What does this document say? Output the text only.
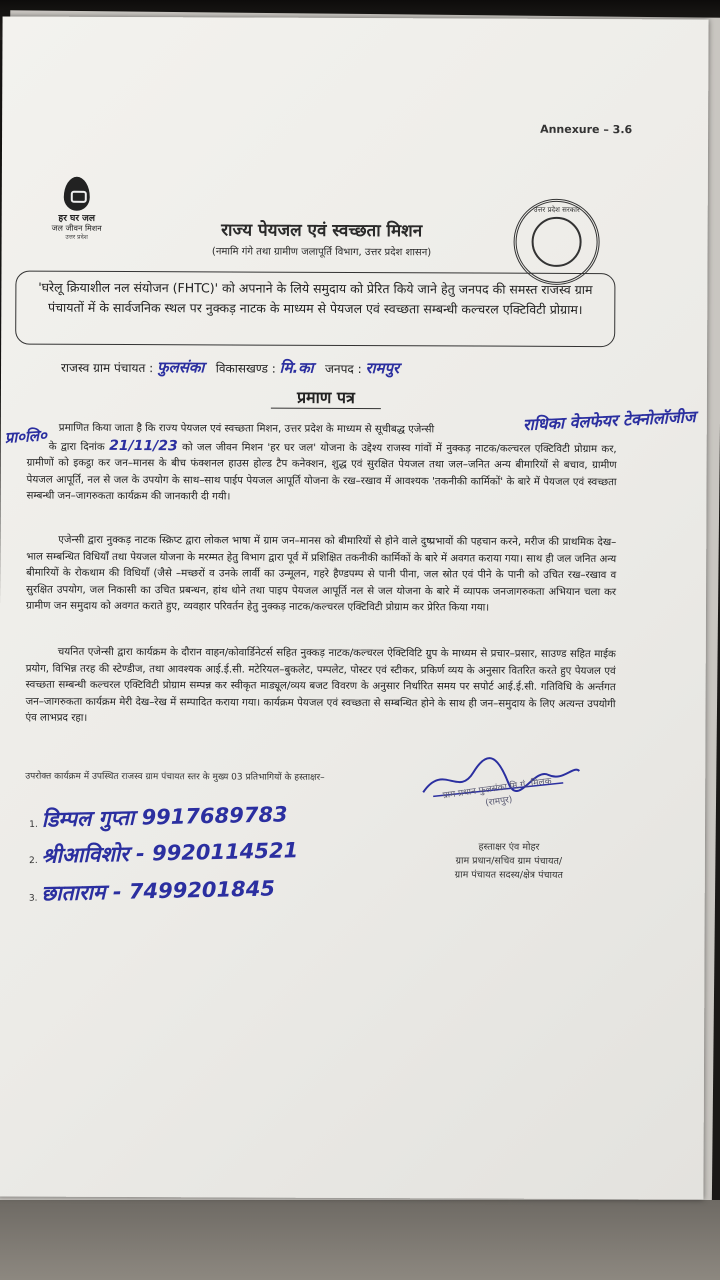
Annexure – 3.6
हर घर जल
जल जीवन मिशन
उत्तर प्रदेश
उत्तर प्रदेश सरकार
राज्य पेयजल एवं स्वच्छता मिशन
(नमामि गंगे तथा ग्रामीण जलापूर्ति विभाग, उत्तर प्रदेश शासन)
'घरेलू क्रियाशील नल संयोजन (FHTC)' को अपनाने के लिये समुदाय को प्रेरित किये जाने हेतु जनपद की समस्त राजस्व ग्राम पंचायतों में के सार्वजनिक स्थल पर नुक्कड़ नाटक के माध्यम से पेयजल एवं स्वच्छता सम्बन्धी कल्चरल एक्टिविटी प्रोग्राम।
राजस्व ग्राम पंचायत : फुलसंका विकासखण्ड : मि.का जनपद : रामपुर
प्रमाण पत्र
प्रा०लि०
राधिका वेलफेयर टेक्नोलॉजीज
प्रमाणित किया जाता है कि राज्य पेयजल एवं स्वच्छता मिशन, उत्तर प्रदेश के माध्यम से सूचीबद्ध एजेन्सी
के द्वारा दिनांक 21/11/23 को जल जीवन मिशन 'हर घर जल' योजना के उद्देश्य राजस्व गांवों में नुक्कड़ नाटक/कल्चरल एक्टिविटी प्रोग्राम कर, ग्रामीणों को इकट्ठा कर जन–मानस के बीच फंक्शनल हाउस होल्ड टैप कनेक्शन, शुद्ध एवं सुरक्षित पेयजल तथा जल–जनित अन्य बीमारियों से बचाव, ग्रामीण पेयजल आपूर्ति, नल से जल के उपयोग के साथ–साथ पाईप पेयजल आपूर्ति योजना के रख–रखाव में आवश्यक 'तकनीकी कार्मिकों' के बारे में पेयजल एवं स्वच्छता सम्बन्धी जन–जागरुकता कार्यक्रम की जानकारी दी गयी।
एजेन्सी द्वारा नुक्कड़ नाटक स्क्रिप्ट द्वारा लोकल भाषा में ग्राम जन–मानस को बीमारियों से होने वाले दुष्प्रभावों की पहचान करने, मरीज की प्राथमिक देख–भाल सम्बन्धित विधियाँ तथा पेयजल योजना के मरम्मत हेतु विभाग द्वारा पूर्व में प्रशिक्षित तकनीकी कार्मिकों के बारे में अवगत कराया गया। साथ ही जल जनित अन्य बीमारियों के रोकथाम की विधियाँ (जैसे –मच्छरों व उनके लार्वी का उन्मूलन, गहरे हैण्डपम्प से पानी पीना, जल स्रोत एवं पीने के पानी को उचित रख–रखाव व सुरक्षित उपयोग, जल निकासी का उचित प्रबन्धन, हांथ धोने तथा पाइप पेयजल आपूर्ति नल से जल योजना के बारे में व्यापक जनजागरुकता अभियान चला कर ग्रामीण जन समुदाय को अवगत कराते हुए, व्यवहार परिवर्तन हेतु नुक्कड़ नाटक/कल्चरल एक्टिविटी प्रोग्राम कर प्रेरित किया गया।
चयनित एजेन्सी द्वारा कार्यक्रम के दौरान वाहन/कोवार्डिनेटर्स सहित नुक्कड़ नाटक/कल्चरल ऐक्टिविटि ग्रुप के माध्यम से प्रचार–प्रसार, साउण्ड सहित माईक प्रयोग, विभिन्न तरह की स्टेण्डीज, तथा आवश्यक आई.ई.सी. मटेरियल–बुकलेट, पम्पलेट, पोस्टर एवं स्टीकर, प्रकिर्ण व्यय के अनुसार वितरित करते हुए पेयजल एवं स्वच्छता सम्बन्धी कल्चरल एक्टिविटी प्रोग्राम सम्पन्न कर स्वीकृत माड्यूल/व्यय बजट विवरण के अनुसार निर्धारित समय पर सपोर्ट आई.ई.सी. गतिविधि के अर्न्तगत जन–जागरुकता कार्यक्रम मेरी देख–रेख में सम्पादित कराया गया। कार्यक्रम पेयजल एवं स्वच्छता से सम्बन्धित होने के साथ ही जन–समुदाय के लिए अत्यन्त उपयोगी एंव लाभप्रद रहा।
उपरोक्त कार्यक्रम में उपस्थित राजस्व ग्राम पंचायत स्तर के मुख्य 03 प्रतिभागियों के हस्ताक्षर–
1. डिम्पल गुप्ता 9917689783
2. श्रीआविशोर - 9920114521
3. छाताराम - 7499201845
ग्राम प्रधान फुलसंका मि.गं. मिलक (रामपुर)
हस्ताक्षर एंव मोहर
ग्राम प्रधान/सचिव ग्राम पंचायत/
ग्राम पंचायत सदस्य/क्षेत्र पंचायत
